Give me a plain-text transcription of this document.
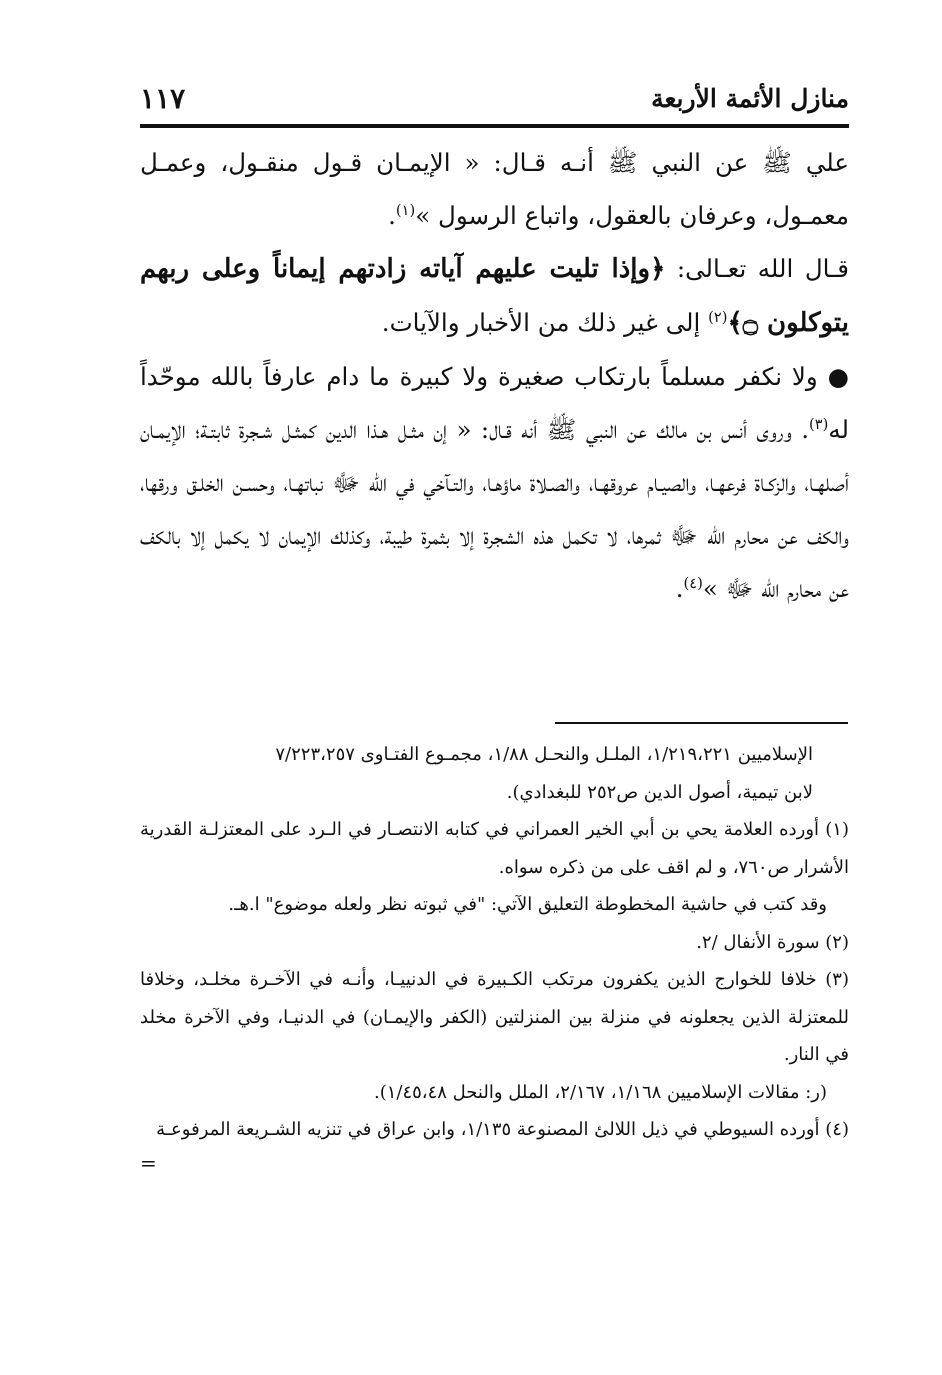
منازل الأئمة الأربعة
١١٧

علي ﷺ عن النبي ﷺ أنـه قـال: « الإيمـان قـول منقـول، وعمـل معمـول، وعرفان بالعقول، واتباع الرسول »$^{(١)}$.

قـال الله تعـالى: ﴿وإذا تليت عليهم آياته زادتهم إيماناً وعلى ربهم يتوكلون ۝﴾$^{(٢)}$ إلى غير ذلك من الأخبار والآيات.

● ولا نكفر مسلماً بارتكاب صغيرة ولا كبيرة ما دام عارفاً بالله موحّداً له$^{(٣)}$. وروى أنس بن مالك عن النبي ﷺ أنه قـال: « إن مثـل هـذا الدين كمثـل شـجرة ثابتـة؛ الإيمـان أصلهـا، والزكـاة فرعهـا، والصيـام عروقهـا، والصـلاة ماؤهـا، والتـآخي في الله ﷻ نباتهـا، وحسـن الخلـق ورقها، والكف عن محارم الله ﷻ ثمرها، لا تكمل هذه الشجرة إلا بثمرة طيبة، وكذلك الإيمان لا يكمل إلا بالكف عن محارم الله ﷻ »$^{(٤)}$.

الإسلاميين ١/٢١٩،٢٢١، الملـل والنحـل ١/٨٨، مجمـوع الفتـاوى ٧/٢٢٣،٢٥٧

لابن تيمية، أصول الدين ص٢٥٢ للبغدادي).

(١) أورده العلامة يحي بن أبي الخير العمراني في كتابه الانتصـار في الـرد على المعتزلـة القدرية الأشرار ص٧٦٠، و لم اقف على من ذكره سواه.

وقد كتب في حاشية المخطوطة التعليق الآتي: "في ثبوته نظر ولعله موضوع" ا.هـ.

(٢) سورة الأنفال /٢.

(٣) خلافا للخوارج الذين يكفرون مرتكب الكـبيرة في الدنييـا، وأنـه في الآخـرة مخلـد، وخلافا للمعتزلة الذين يجعلونه في منزلة بين المنزلتين (الكفر والإيمـان) في الدنيـا، وفي الآخرة مخلد في النار.

(ر: مقالات الإسلاميين ١/١٦٨، ٢/١٦٧، الملل والنحل ١/٤٥،٤٨).

(٤) أورده السيوطي في ذيل اللالئ المصنوعة ١/١٣٥، وابن عراق في تنزيه الشـريعة المرفوعـة

=
